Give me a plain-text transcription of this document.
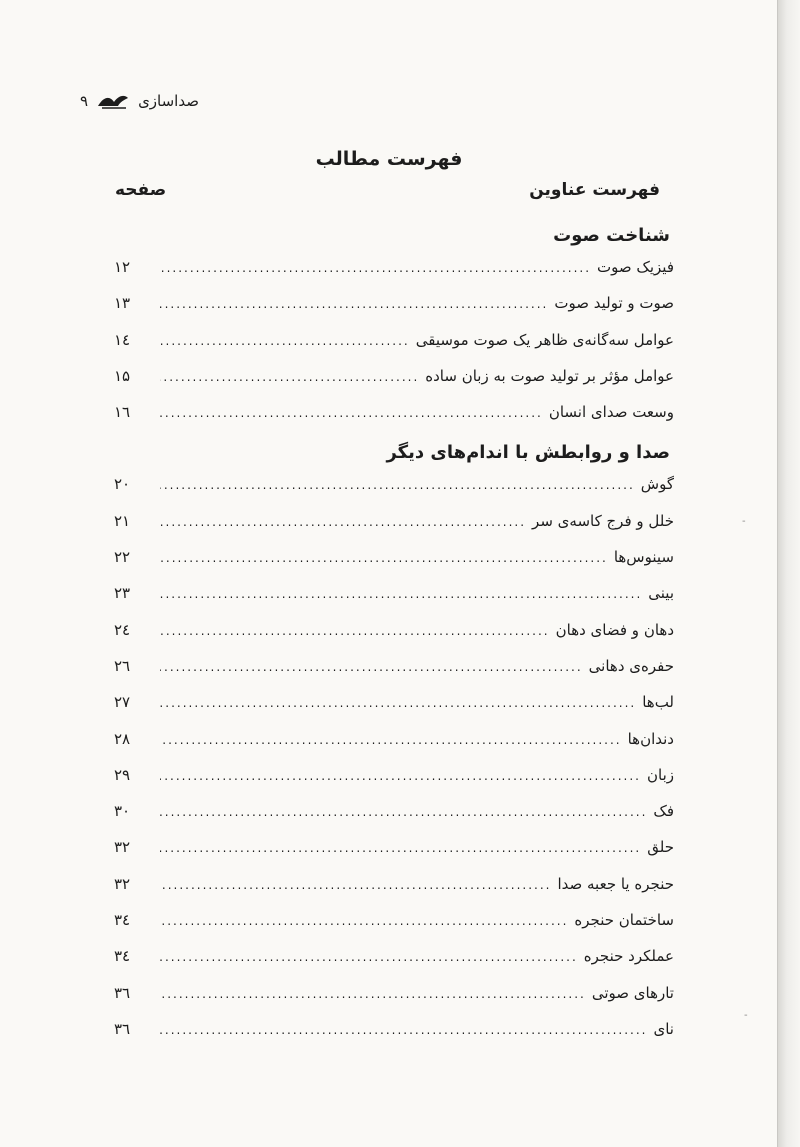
۹	صداسازی
فهرست مطالب
صفحه	فهرست عناوین
شناخت صوت
فیزیک صوت
.....
۱۲
صوت و تولید صوت
.....
۱۳
عوامل سه‌گانه‌ی ظاهر یک صوت موسیقی
.....
۱٤
عوامل مؤثر بر تولید صوت به زبان ساده
.....
۱۵
وسعت صدای انسان
.....
۱٦
صدا و روابطش با اندام‌های دیگر
گوش
.....
۲۰
خلل و فرج کاسه‌ی سر
.....
۲۱
سینوس‌ها
.....
۲۲
بینی
.....
۲۳
دهان و فضای دهان
.....
۲٤
حفره‌ی دهانی
.....
۲٦
لب‌ها
.....
۲۷
دندان‌ها
.....
۲۸
زبان
.....
۲۹
فک
.....
۳۰
حلق
.....
۳۲
حنجره یا جعبه صدا
.....
۳۲
ساختمان حنجره
.....
۳٤
عملکرد حنجره
.....
۳٤
تارهای صوتی
.....
۳٦
نای
.....
۳٦
-
-
